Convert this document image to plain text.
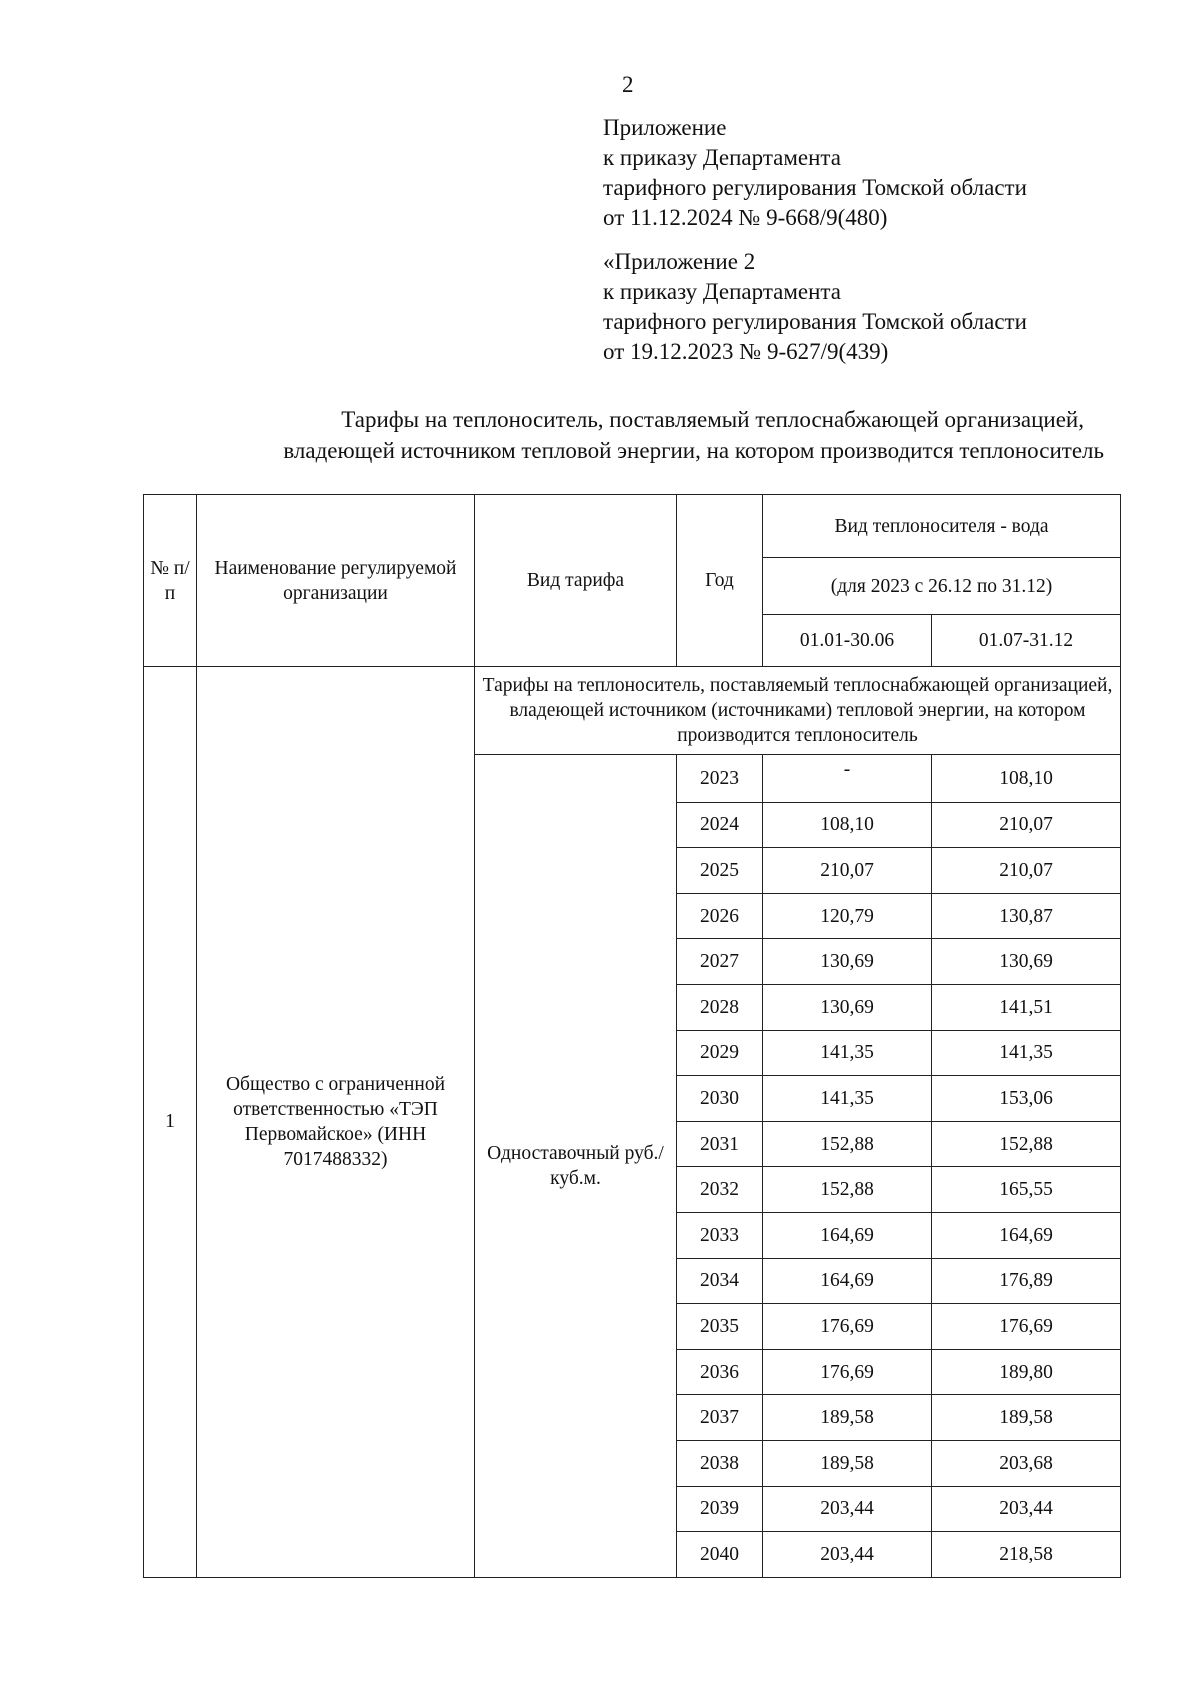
2
Приложение
к приказу Департамента
тарифного регулирования Томской области
от 11.12.2024 № 9-668/9(480)
«Приложение 2
к приказу Департамента
тарифного регулирования Томской области
от 19.12.2023 № 9-627/9(439)
Тарифы на теплоноситель, поставляемый теплоснабжающей организацией,
владеющей источником тепловой энергии, на котором производится теплоноситель
№ п/п	Наименование регулируемой организации	Вид тарифа	Год	Вид теплоносителя - вода	
				(для 2023 с 26.12 по 31.12)	
				01.01-30.06	01.07-31.12
1	Общество с ограниченной ответственностью «ТЭП Первомайское» (ИНН 7017488332)	Тарифы на теплоноситель, поставляемый теплоснабжающей организацией, владеющей источником (источниками) тепловой энергии, на котором производится теплоноситель			
		Одноставочный руб./куб.м.	2023	-	108,10
			2024	108,10	210,07
			2025	210,07	210,07
			2026	120,79	130,87
			2027	130,69	130,69
			2028	130,69	141,51
			2029	141,35	141,35
			2030	141,35	153,06
			2031	152,88	152,88
			2032	152,88	165,55
			2033	164,69	164,69
			2034	164,69	176,89
			2035	176,69	176,69
			2036	176,69	189,80
			2037	189,58	189,58
			2038	189,58	203,68
			2039	203,44	203,44
			2040	203,44	218,58
